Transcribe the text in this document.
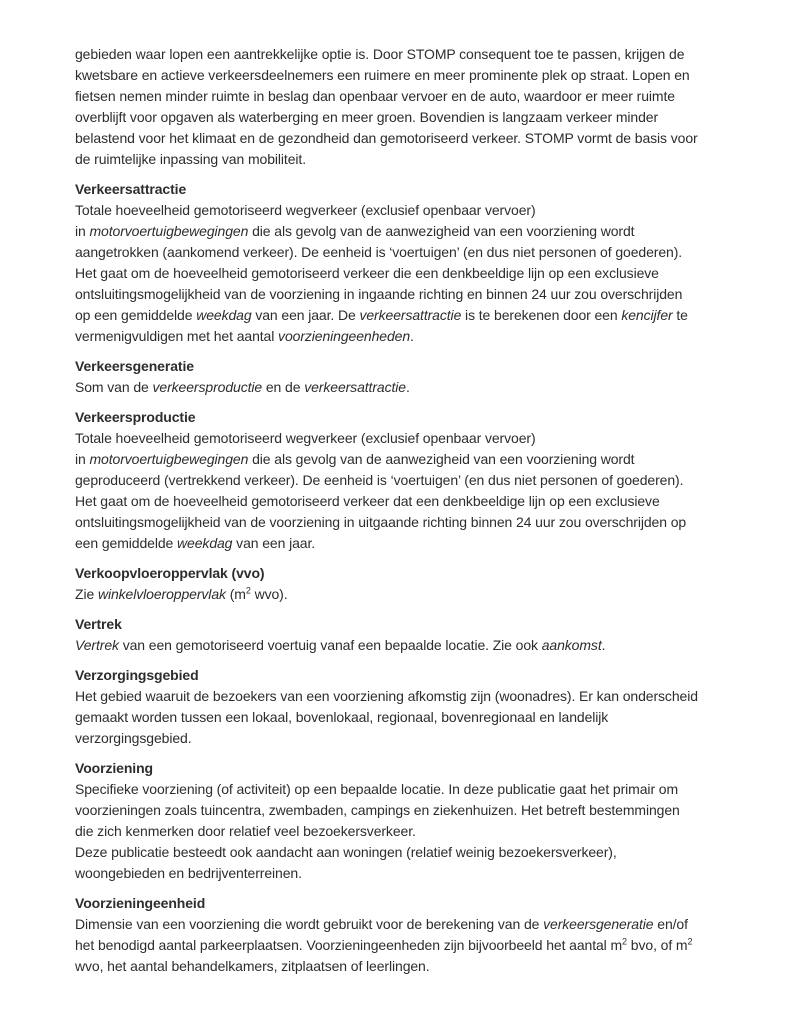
gebieden waar lopen een aantrekkelijke optie is. Door STOMP consequent toe te passen, krijgen de
kwetsbare en actieve verkeersdeelnemers een ruimere en meer prominente plek op straat. Lopen en
fietsen nemen minder ruimte in beslag dan openbaar vervoer en de auto, waardoor er meer ruimte
overblijft voor opgaven als waterberging en meer groen. Bovendien is langzaam verkeer minder
belastend voor het klimaat en de gezondheid dan gemotoriseerd verkeer. STOMP vormt de basis voor
de ruimtelijke inpassing van mobiliteit.

Verkeersattractie

Totale hoeveelheid gemotoriseerd wegverkeer (exclusief openbaar vervoer)
in motorvoertuigbewegingen die als gevolg van de aanwezigheid van een voorziening wordt
aangetrokken (aankomend verkeer). De eenheid is ‘voertuigen’ (en dus niet personen of goederen).
Het gaat om de hoeveelheid gemotoriseerd verkeer die een denkbeeldige lijn op een exclusieve
ontsluitingsmogelijkheid van de voorziening in ingaande richting en binnen 24 uur zou overschrijden
op een gemiddelde weekdag van een jaar. De verkeersattractie is te berekenen door een kencijfer te
vermenigvuldigen met het aantal voorzieningeenheden.

Verkeersgeneratie

Som van de verkeersproductie en de verkeersattractie.

Verkeersproductie

Totale hoeveelheid gemotoriseerd wegverkeer (exclusief openbaar vervoer)
in motorvoertuigbewegingen die als gevolg van de aanwezigheid van een voorziening wordt
geproduceerd (vertrekkend verkeer). De eenheid is ‘voertuigen’ (en dus niet personen of goederen).
Het gaat om de hoeveelheid gemotoriseerd verkeer dat een denkbeeldige lijn op een exclusieve
ontsluitingsmogelijkheid van de voorziening in uitgaande richting binnen 24 uur zou overschrijden op
een gemiddelde weekdag van een jaar.

Verkoopvloeroppervlak (vvo)

Zie winkelvloeroppervlak ($m^2$ wvo).

Vertrek

Vertrek van een gemotoriseerd voertuig vanaf een bepaalde locatie. Zie ook aankomst.

Verzorgingsgebied

Het gebied waaruit de bezoekers van een voorziening afkomstig zijn (woonadres). Er kan onderscheid
gemaakt worden tussen een lokaal, bovenlokaal, regionaal, bovenregionaal en landelijk
verzorgingsgebied.

Voorziening

Specifieke voorziening (of activiteit) op een bepaalde locatie. In deze publicatie gaat het primair om
voorzieningen zoals tuincentra, zwembaden, campings en ziekenhuizen. Het betreft bestemmingen
die zich kenmerken door relatief veel bezoekersverkeer.
Deze publicatie besteedt ook aandacht aan woningen (relatief weinig bezoekersverkeer),
woongebieden en bedrijventerreinen.

Voorzieningeenheid

Dimensie van een voorziening die wordt gebruikt voor de berekening van de verkeersgeneratie en/of
het benodigd aantal parkeerplaatsen. Voorzieningeenheden zijn bijvoorbeeld het aantal $m^2$ bvo, of $m^2$
wvo, het aantal behandelkamers, zitplaatsen of leerlingen.
